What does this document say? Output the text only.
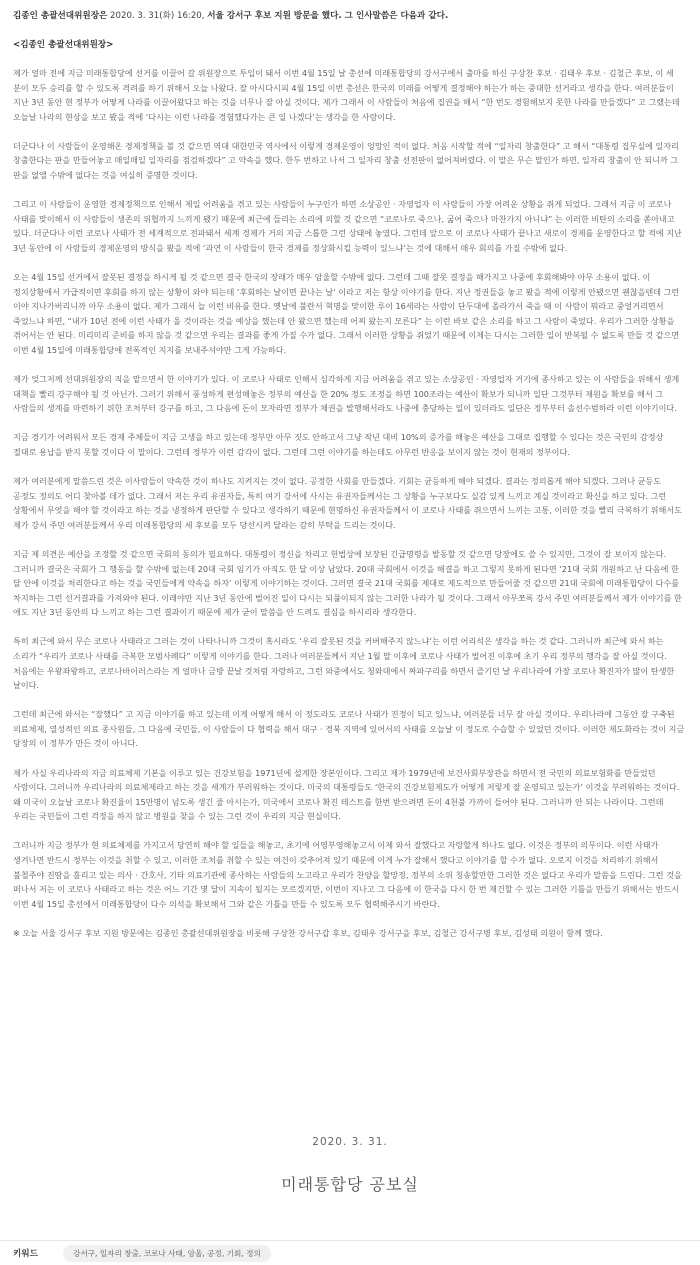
김종인 총괄선대위원장은 2020. 3. 31(화) 16:20, 서울 강서구 후보 지원 방문을 했다. 그 인사말씀은 다음과 같다.

<김종인 총괄선대위원장>

제가 얼마 전에 지금 미래통합당에 선거를 이끌어 갈 위원장으로 투입이 돼서 이번 4월 15일 날 총선에 미래통합당의 강서구에서 출마를 하신 구상찬 후보 · 김태우 후보 · 김철근 후보, 이 세 분이 모두 승리를 할 수 있도록 격려를 하기 위해서 오늘 나왔다. 잘 아시다시피 4월 15일 이번 총선은 한국의 미래를 어떻게 결정해야 하는가 하는 중대한 선거라고 생각을 한다. 여러분들이 지난 3년 동안 현 정부가 어떻게 나라를 이끌어왔다고 하는 것을 너무나 잘 아실 것이다. 제가 그래서 이 사람들이 처음에 집권을 해서 “한 번도 경험해보지 못한 나라를 만들겠다” 고 그랬는데 오늘날 나라의 현상을 보고 봤을 적에 ‘다시는 이런 나라를 경험했다가는 큰 일 나겠다’는 생각을 한 사람이다.

더군다나 이 사람들이 운영해온 경제정책을 볼 것 같으면 역대 대한민국 역사에서 이렇게 경제운영이 엉망인 적이 없다. 처음 시작할 적에 “일자리 창출한다” 고 해서 “대통령 집무실에 일자리 창출한다는 판을 만들어놓고 매일매일 일자리를 점검하겠다” 고 약속을 했다. 한두 번하고 나서 그 일자리 창출 선전판이 없어져버렸다. 이 말은 무슨 말인가 하면, 일자리 창출이 안 되니까 그 판을 없앨 수밖에 없다는 것을 여실히 증명한 것이다.

그리고 이 사람들이 운영한 경제정책으로 인해서 제일 어려움을 겪고 있는 사람들이 누구인가 하면 소상공인 · 자영업자 이 사람들이 가장 어려운 상황을 쥐게 되었다. 그래서 지금 이 코로나 사태를 맞이해서 이 사람들이 생존의 위협까지 느끼게 됐기 때문에 최근에 들리는 소리에 의할 것 같으면 “코로나로 죽으나, 굶어 죽으나 마찬가지 아니냐” 는 이러한 비탄의 소리를 쏟아내고 있다. 더군다나 이런 코로나 사태가 전 세계적으로 전파돼서 세계 경제가 거의 지금 스톱한 그런 상태에 놓였다. 그런데 앞으로 이 코로나 사태가 끝나고 새로이 경제를 운영한다고 할 적에 지난 3년 동안에 이 사람들의 경제운영의 방식을 봤을 적에 ‘과연 이 사람들이 한국 경제를 정상화시킬 능력이 있느냐’는 것에 대해서 매우 회의를 가질 수밖에 없다.

오는 4월 15일 선거에서 잘못된 결정을 하시게 될 것 같으면 결국 한국의 장래가 매우 암울할 수밖에 없다. 그런데 그때 잘못 결정을 해가지고 나중에 후회해봐야 아무 소용이 없다. 이 정치상황에서 가급적이면 후회를 하지 않는 상황이 와야 되는데 ‘후회하는 날이면 끝나는 날’ 이라고 저는 항상 이야기를 한다. 지난 정권들을 놓고 봤을 적에 이렇게 안됐으면 괜찮을텐데 그런 이야 지나가버리니까 아무 소용이 없다. 제가 그래서 늘 이런 비유를 한다. 옛날에 불란서 혁명을 맞이한 루이 16세라는 사람이 단두대에 올라가서 죽을 때 이 사람이 뭐라고 중얼거리면서 죽었느냐 하면, “내가 10년 전에 이런 사태가 올 것이라는 것을 예상을 했는데 안 왔으면 했는데 어찌 왔는지 모른다” 는 이런 바보 같은 소리를 하고 그 사람이 죽었다. 우리가 그러한 상황을 겪어서는 안 된다. 미리미리 준비를 하지 않을 것 같으면 우리는 결과를 좋게 가질 수가 없다. 그래서 이러한 상황을 쥐었기 때문에 이제는 다시는 그러한 일이 반복될 수 없도록 만들 것 같으면 이번 4월 15일에 미래통합당에 전폭적인 지지를 보내주셔야만 그게 가능하다.

제가 엊그저께 선대위원장의 직을 맡으면서 한 이야기가 있다. 이 코로나 사태로 인해서 심각하게 지금 어려움을 겪고 있는 소상공인 · 자영업자 거기에 종사하고 있는 이 사람들을 위해서 생계 대책을 빨리 강구해야 될 것 아닌가. 그러기 위해서 풍성하게 편성해놓은 정부의 예산을 한 20% 정도 조정을 하면 100조라는 예산이 확보가 되니까 일단 그것부터 재원을 확보를 해서 그 사람들의 생계를 마련하기 위한 조처부터 강구를 하고, 그 다음에 돈이 모자라면 정부가 채권을 발행해서라도 나중에 충당하는 일이 있더라도 일단은 정부부터 솔선수범하라 이런 이야기이다.

지금 경기가 어려워서 모든 경제 주체들이 지금 고생을 하고 있는데 정부만 아무 짓도 안하고서 그냥 작년 대비 10%의 증가를 해놓은 예산을 그대로 집행할 수 있다는 것은 국민의 감정상 절대로 용납을 받지 못할 것이다 이 말이다. 그런데 정부가 이런 감각이 없다. 그런데 그런 이야기를 하는데도 아무런 반응을 보이지 않는 것이 현재의 정부이다.

제가 여러분에게 말씀드린 것은 이사람들이 약속한 것이 하나도 지켜지는 것이 없다. 공정한 사회를 만들겠다. 기회는 균등하게 해야 되겠다. 결과는 정의롭게 해야 되겠다. 그러나 균등도 공정도 정의도 어디 찾아볼 데가 없다. 그래서 저는 우리 유권자들, 특히 여기 강서에 사시는 유권자들께서는 그 상황을 누구보다도 실감 있게 느끼고 계실 것이라고 확신을 하고 있다. 그런 상황에서 무엇을 해야 할 것이라고 하는 것을 냉정하게 판단할 수 있다고 생각하기 때문에 현명하신 유권자들께서 이 코로나 사태를 쥐으면서 느끼는 고통, 이러한 것을 빨리 극복하기 위해서도 제가 강서 주민 여러분들께서 우리 미래통합당의 세 후보를 모두 당선시켜 달라는 감히 부탁을 드리는 것이다.

지금 제 의견은 예산을 조정할 것 같으면 국회의 동의가 필요하다. 대통령이 정신을 차리고 헌법상에 보장된 긴급명령을 발동할 것 같으면 당장에도 쓸 수 있지만, 그것이 잘 보이지 않는다. 그러니까 결국은 국회가 그 행동을 할 수밖에 없는데 20대 국회 임기가 아직도 한 달 이상 남았다. 20대 국회에서 이것을 해결을 하고 그렇지 못하게 된다면 ‘21대 국회 개원하고 난 다음에 한 달 안에 이것을 처리한다고 하는 것을 국민들에게 약속을 하자’ 이렇게 이야기하는 것이다. 그러면 결국 21대 국회를 제대로 제도적으로 만들어줄 것 같으면 21대 국회에 미래통합당이 다수를 차지하는 그런 선거결과를 가져와야 된다. 이래야만 지난 3년 동안에 벌어진 일이 다시는 되풀이되지 않는 그러한 나라가 될 것이다. 그래서 아무쪼록 강서 주민 여러분들께서 제가 이야기를 한 애도 지난 3년 동안의 다 느끼고 하는 그런 결과이기 때문에 제가 굳이 말씀을 안 드려도 결심을 하시리라 생각한다.

특히 최근에 와서 무슨 코로나 사태라고 그러는 것이 나타나니까 그것이 혹시라도 ‘우리 잘못된 것을 커버해주지 않느냐’는 이런 어리석은 생각을 하는 것 같다. 그러니까 최근에 와서 하는 소리가 “우리가 코로나 사태를 극복한 모범사례다” 이렇게 이야기를 한다. 그러나 여러분들께서 지난 1월 말 이후에 코로나 사태가 벌어진 이후에 초기 우리 정부의 행각을 잘 아실 것이다. 처음에는 우왕좌왕하고, 코로나바이러스라는 게 얼마나 금방 끝날 것처럼 자랑하고, 그런 와중에서도 청와대에서 짜파구리를 하면서 즐기던 날 우리나라에 가장 코로나 확진자가 많이 탄생한 날이다.

그런데 최근에 와서는 “잘했다” 고 지금 이야기를 하고 있는데 이게 어떻게 해서 이 정도라도 코로나 사태가 진정이 되고 있느냐, 여러분들 너무 잘 아실 것이다. 우리나라에 그동안 잘 구축된 의료체제, 열성적인 의료 종사원들, 그 다음에 국민들, 이 사람들이 다 협력을 해서 대구 · 경북 지역에 있어서의 사태를 오늘날 이 정도로 수습할 수 있었던 것이다. 이러한 제도화라는 것이 지금 당장의 이 정부가 만든 것이 아니다.

제가 사실 우리나라의 지금 의료체제 기본을 이루고 있는 건강보험을 1971년에 설계한 장본인이다. 그리고 제가 1979년에 보건사회부장관을 하면서 전 국민의 의료보험화를 만들었던 사람이다. 그러니까 우리나라의 의료체제라고 하는 것을 세계가 부러워하는 것이다. 미국의 대통령들도 ‘한국의 건강보험제도가 어떻게 저렇게 잘 운영되고 있는가’ 이것을 부러워하는 것이다. 왜 미국이 오늘날 코로나 확진율이 15만명이 넘도록 생긴 줄 아시는가, 미국에서 코로나 확진 테스트를 한번 받으려면 돈이 4천불 가까이 들어야 된다. 그러니까 안 되는 나라이다. 그런데 우리는 국민들이 그런 걱정을 하지 않고 병원을 찾을 수 있는 그런 것이 우리의 지금 현실이다.

그러니까 지금 정부가 현 의료체제를 가지고서 당연히 해야 할 일들을 해놓고, 초기에 어영부영해놓고서 이제 와서 잘했다고 자랑할게 하나도 없다. 이것은 정부의 의무이다. 이런 사태가 생겨나면 반드시 정부는 이것을 취할 수 있고, 이러한 조처를 취할 수 있는 여건이 갖추어져 있기 때문에 이게 누가 잘해서 했다고 이야기를 할 수가 없다. 오로지 이것을 처리하기 위해서 불철주야 진땀을 흘리고 있는 의사 · 간호사, 기타 의료기관에 종사하는 사람들의 노고라고 우리가 찬양을 할망정, 정부의 소위 칭송할만한 그러한 것은 없다고 우리가 말씀을 드린다. 그런 것을 떠나서 저는 이 코로나 사태라고 하는 것은 어느 기간 몇 달이 지속이 될지는 모르겠지만, 이번이 지나고 그 다음에 이 한국을 다시 한 번 재건할 수 있는 그러한 기틀을 만들기 위해서는 반드시 이번 4월 15일 총선에서 미래통합당이 다수 의석을 확보해서 그와 같은 기틀을 만들 수 있도록 모두 협력해주시기 바란다.

※ 오늘 서울 강서구 후보 지원 방문에는 김종인 총괄선대위원장을 비롯해 구상찬 강서구갑 후보, 김태우 강서구을 후보, 김철근 강서구병 후보, 김성태 의원이 함께 했다.

2020. 3. 31.
미래통합당 공보실
키워드	강서구, 일자리 창출, 코로나 사태, 암울, 공정, 기회, 정의
